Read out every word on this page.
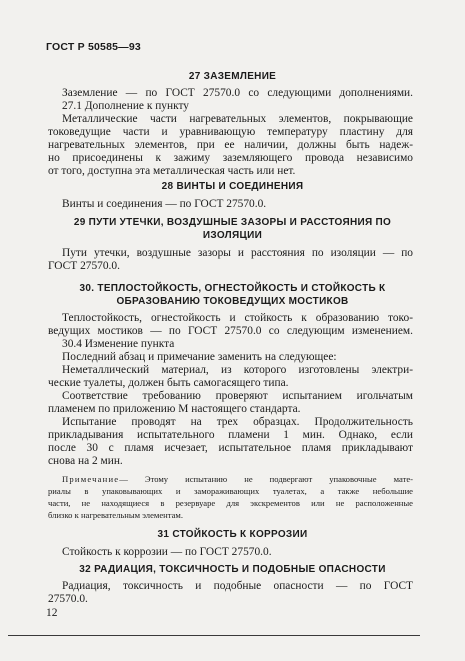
ГОСТ Р 50585—93
27 ЗАЗЕМЛЕНИЕ
Заземление — по ГОСТ 27570.0 со следующими дополнениями.
27.1 Дополнение к пункту
Металлические части нагревательных элементов, покрывающие
токоведущие части и уравнивающую температуру пластину для
нагревательных элементов, при ее наличии, должны быть надеж-
но присоединены к зажиму заземляющего провода независимо
от того, доступна эта металлическая часть или нет.
28 ВИНТЫ И СОЕДИНЕНИЯ
Винты и соединения — по ГОСТ 27570.0.
29 ПУТИ УТЕЧКИ, ВОЗДУШНЫЕ ЗАЗОРЫ И РАССТОЯНИЯ ПО
ИЗОЛЯЦИИ
Пути утечки, воздушные зазоры и расстояния по изоляции — по
ГОСТ 27570.0.
30. ТЕПЛОСТОЙКОСТЬ, ОГНЕСТОЙКОСТЬ И СТОЙКОСТЬ К
ОБРАЗОВАНИЮ ТОКОВЕДУЩИХ МОСТИКОВ
Теплостойкость, огнестойкость и стойкость к образованию токо-
ведущих мостиков — по ГОСТ 27570.0 со следующим изменением.
30.4 Изменение пункта
Последний абзац и примечание заменить на следующее:
Неметаллический материал, из которого изготовлены электри-
ческие туалеты, должен быть самогасящего типа.
Соответствие требованию проверяют испытанием игольчатым
пламенем по приложению М настоящего стандарта.
Испытание проводят на трех образцах. Продолжительность
прикладывания испытательного пламени 1 мин. Однако, если
после 30 с пламя исчезает, испытательное пламя прикладывают
снова на 2 мин.
Примечание— Этому испытанию не подвергают упаковочные мате-
риалы в упаковывающих и замораживающих туалетах, а также небольшие
части, не находящиеся в резервуаре для экскрементов или не расположенные
близко к нагревательным элементам.
31 СТОЙКОСТЬ К КОРРОЗИИ
Стойкость к коррозии — по ГОСТ 27570.0.
32 РАДИАЦИЯ, ТОКСИЧНОСТЬ И ПОДОБНЫЕ ОПАСНОСТИ
Радиация, токсичность и подобные опасности — по ГОСТ
27570.0.
12
